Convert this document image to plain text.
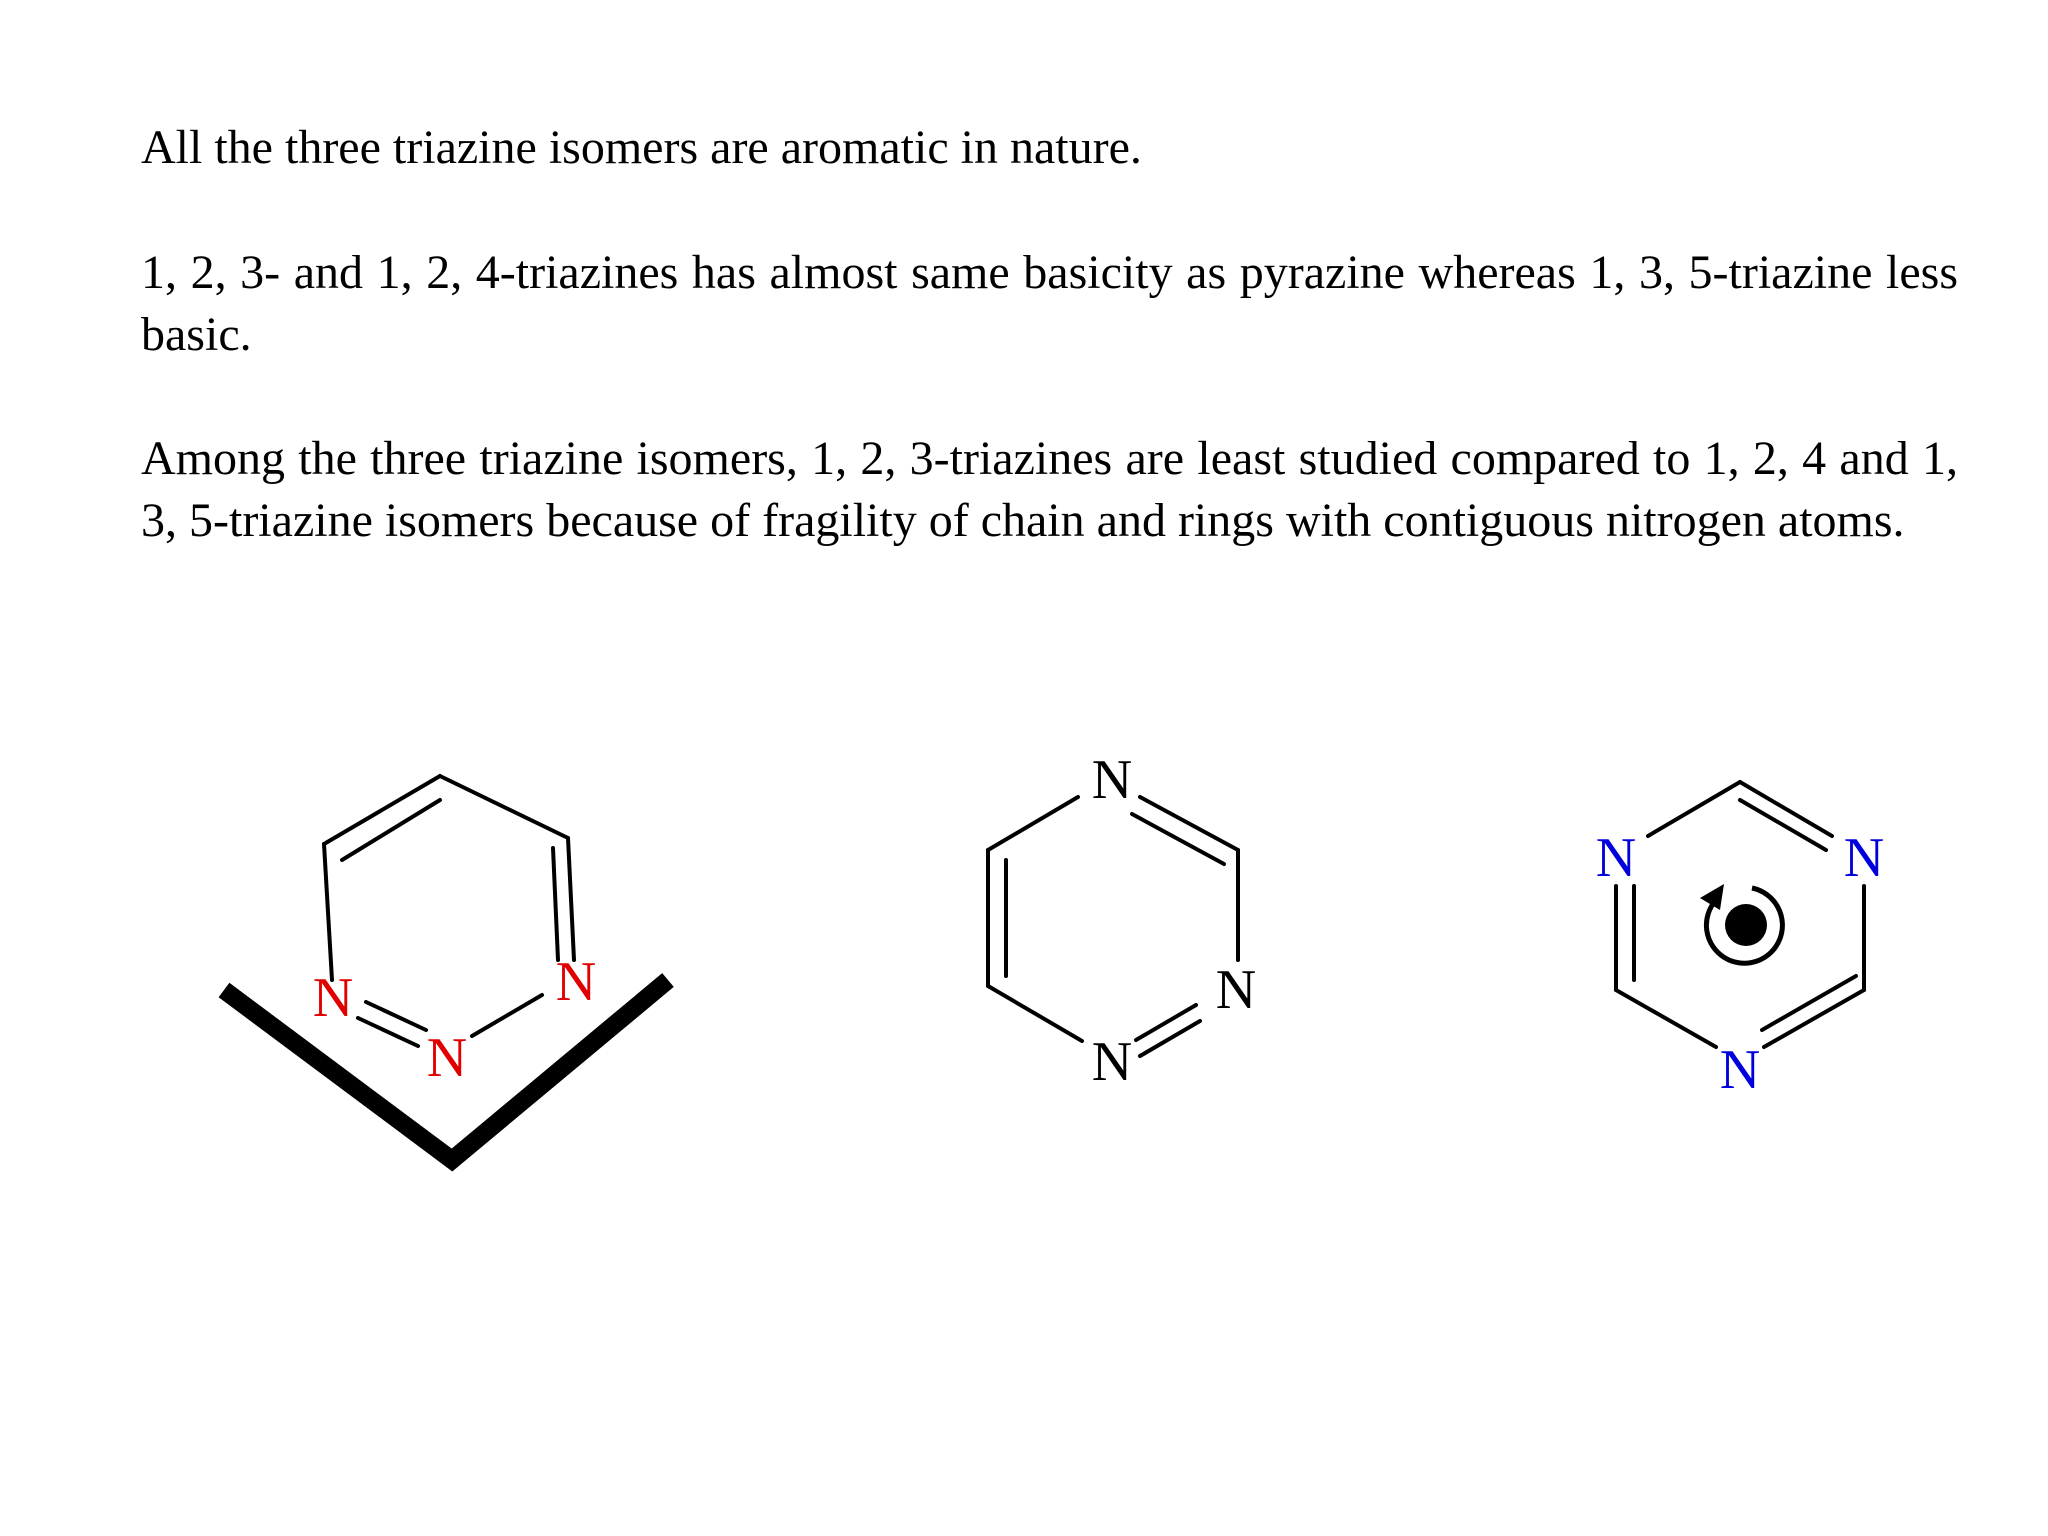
All the three triazine isomers are aromatic in nature.

1, 2, 3- and 1, 2, 4-triazines has almost same basicity as pyrazine whereas 1, 3, 5-triazine less basic.

Among the three triazine isomers, 1, 2, 3-triazines are least studied compared to 1, 2, 4 and 1, 3, 5-triazine isomers because of fragility of chain and rings with contiguous nitrogen atoms.

N
N
N
N
N
N
N	N
N
